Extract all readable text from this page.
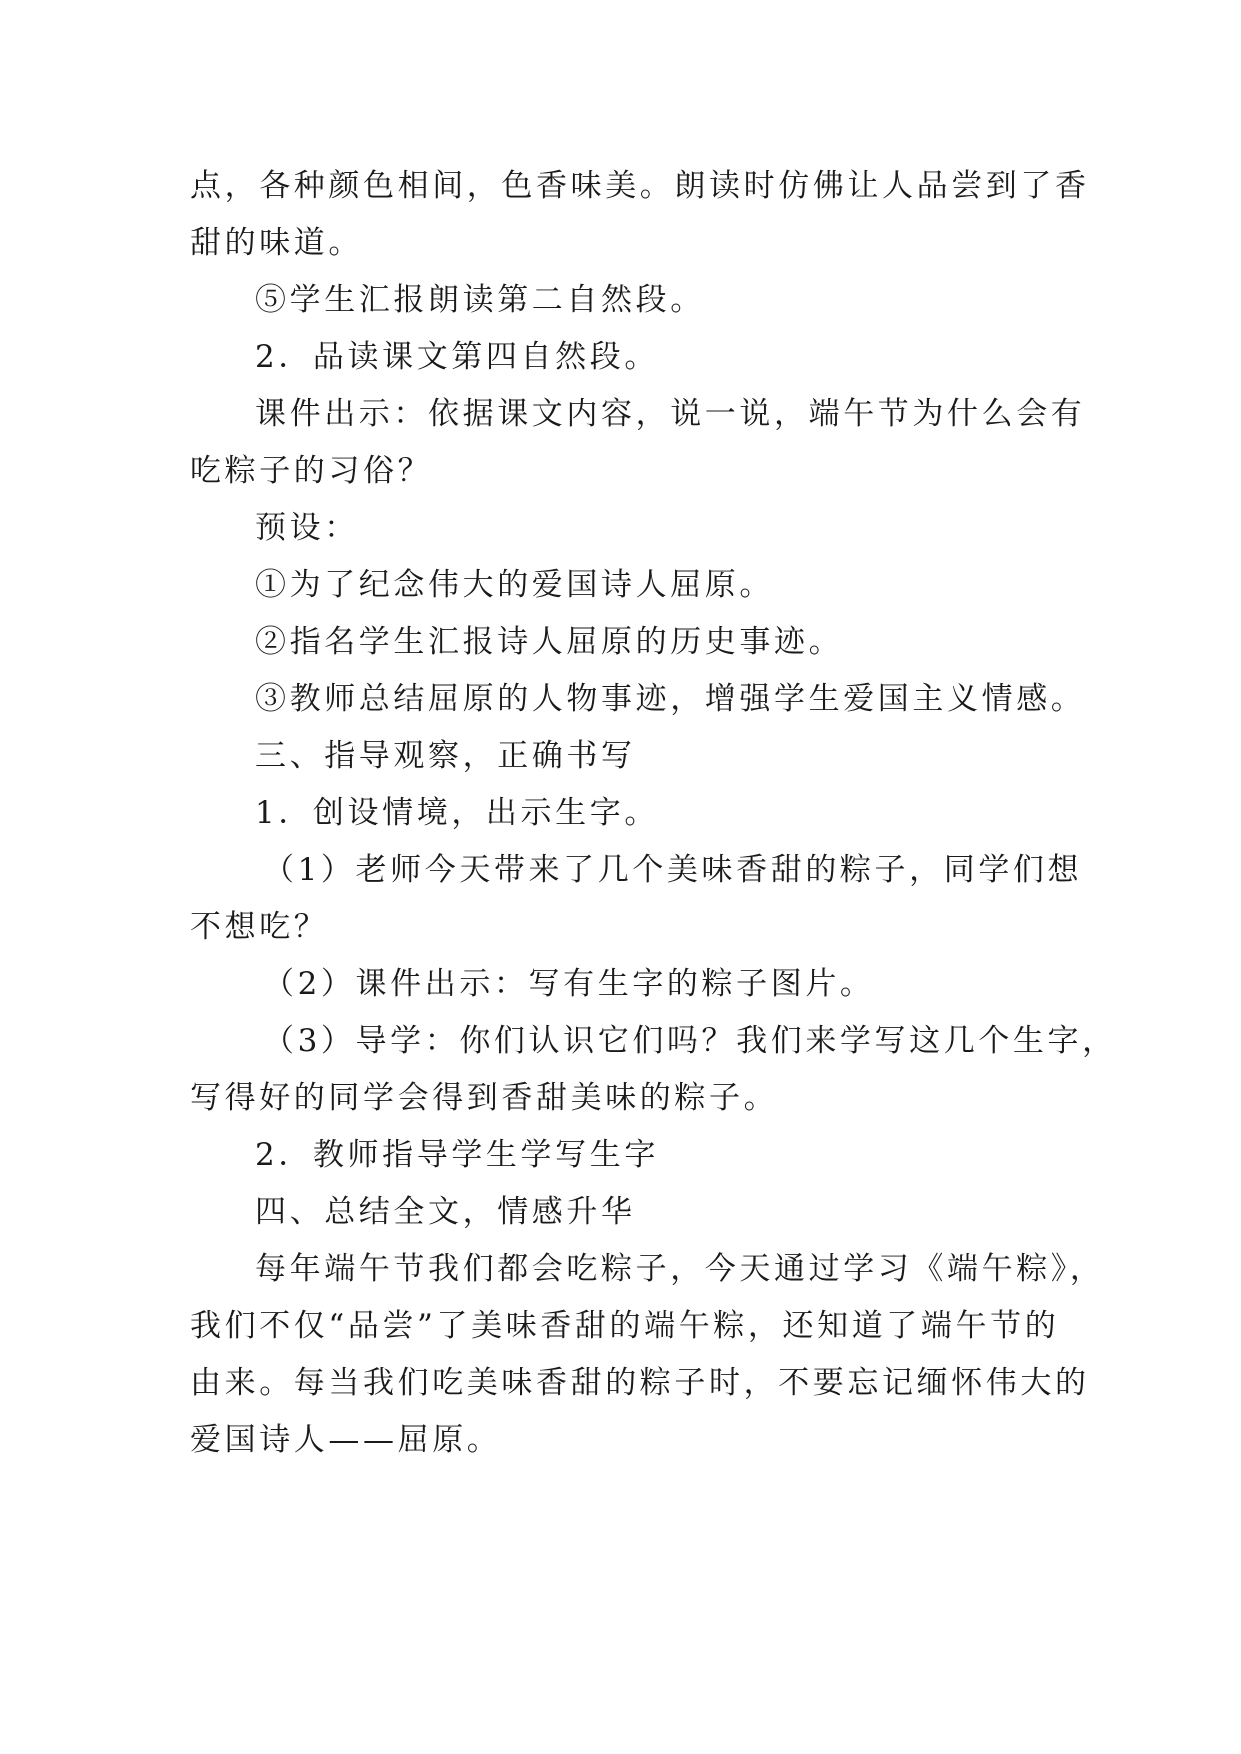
点，各种颜色相间，色香味美。朗读时仿佛让人品尝到了香
甜的味道。
⑤学生汇报朗读第二自然段。
2．品读课文第四自然段。
课件出示：依据课文内容，说一说，端午节为什么会有
吃粽子的习俗？
预设：
①为了纪念伟大的爱国诗人屈原。
②指名学生汇报诗人屈原的历史事迹。
③教师总结屈原的人物事迹，增强学生爱国主义情感。
三、指导观察，正确书写
1．创设情境，出示生字。
（1）老师今天带来了几个美味香甜的粽子，同学们想
不想吃？
（2）课件出示：写有生字的粽子图片。
（3）导学：你们认识它们吗？我们来学写这几个生字，
写得好的同学会得到香甜美味的粽子。
2．教师指导学生学写生字
四、总结全文，情感升华
每年端午节我们都会吃粽子，今天通过学习《端午粽》，
我们不仅“品尝”了美味香甜的端午粽，还知道了端午节的
由来。每当我们吃美味香甜的粽子时，不要忘记缅怀伟大的
爱国诗人——屈原。
